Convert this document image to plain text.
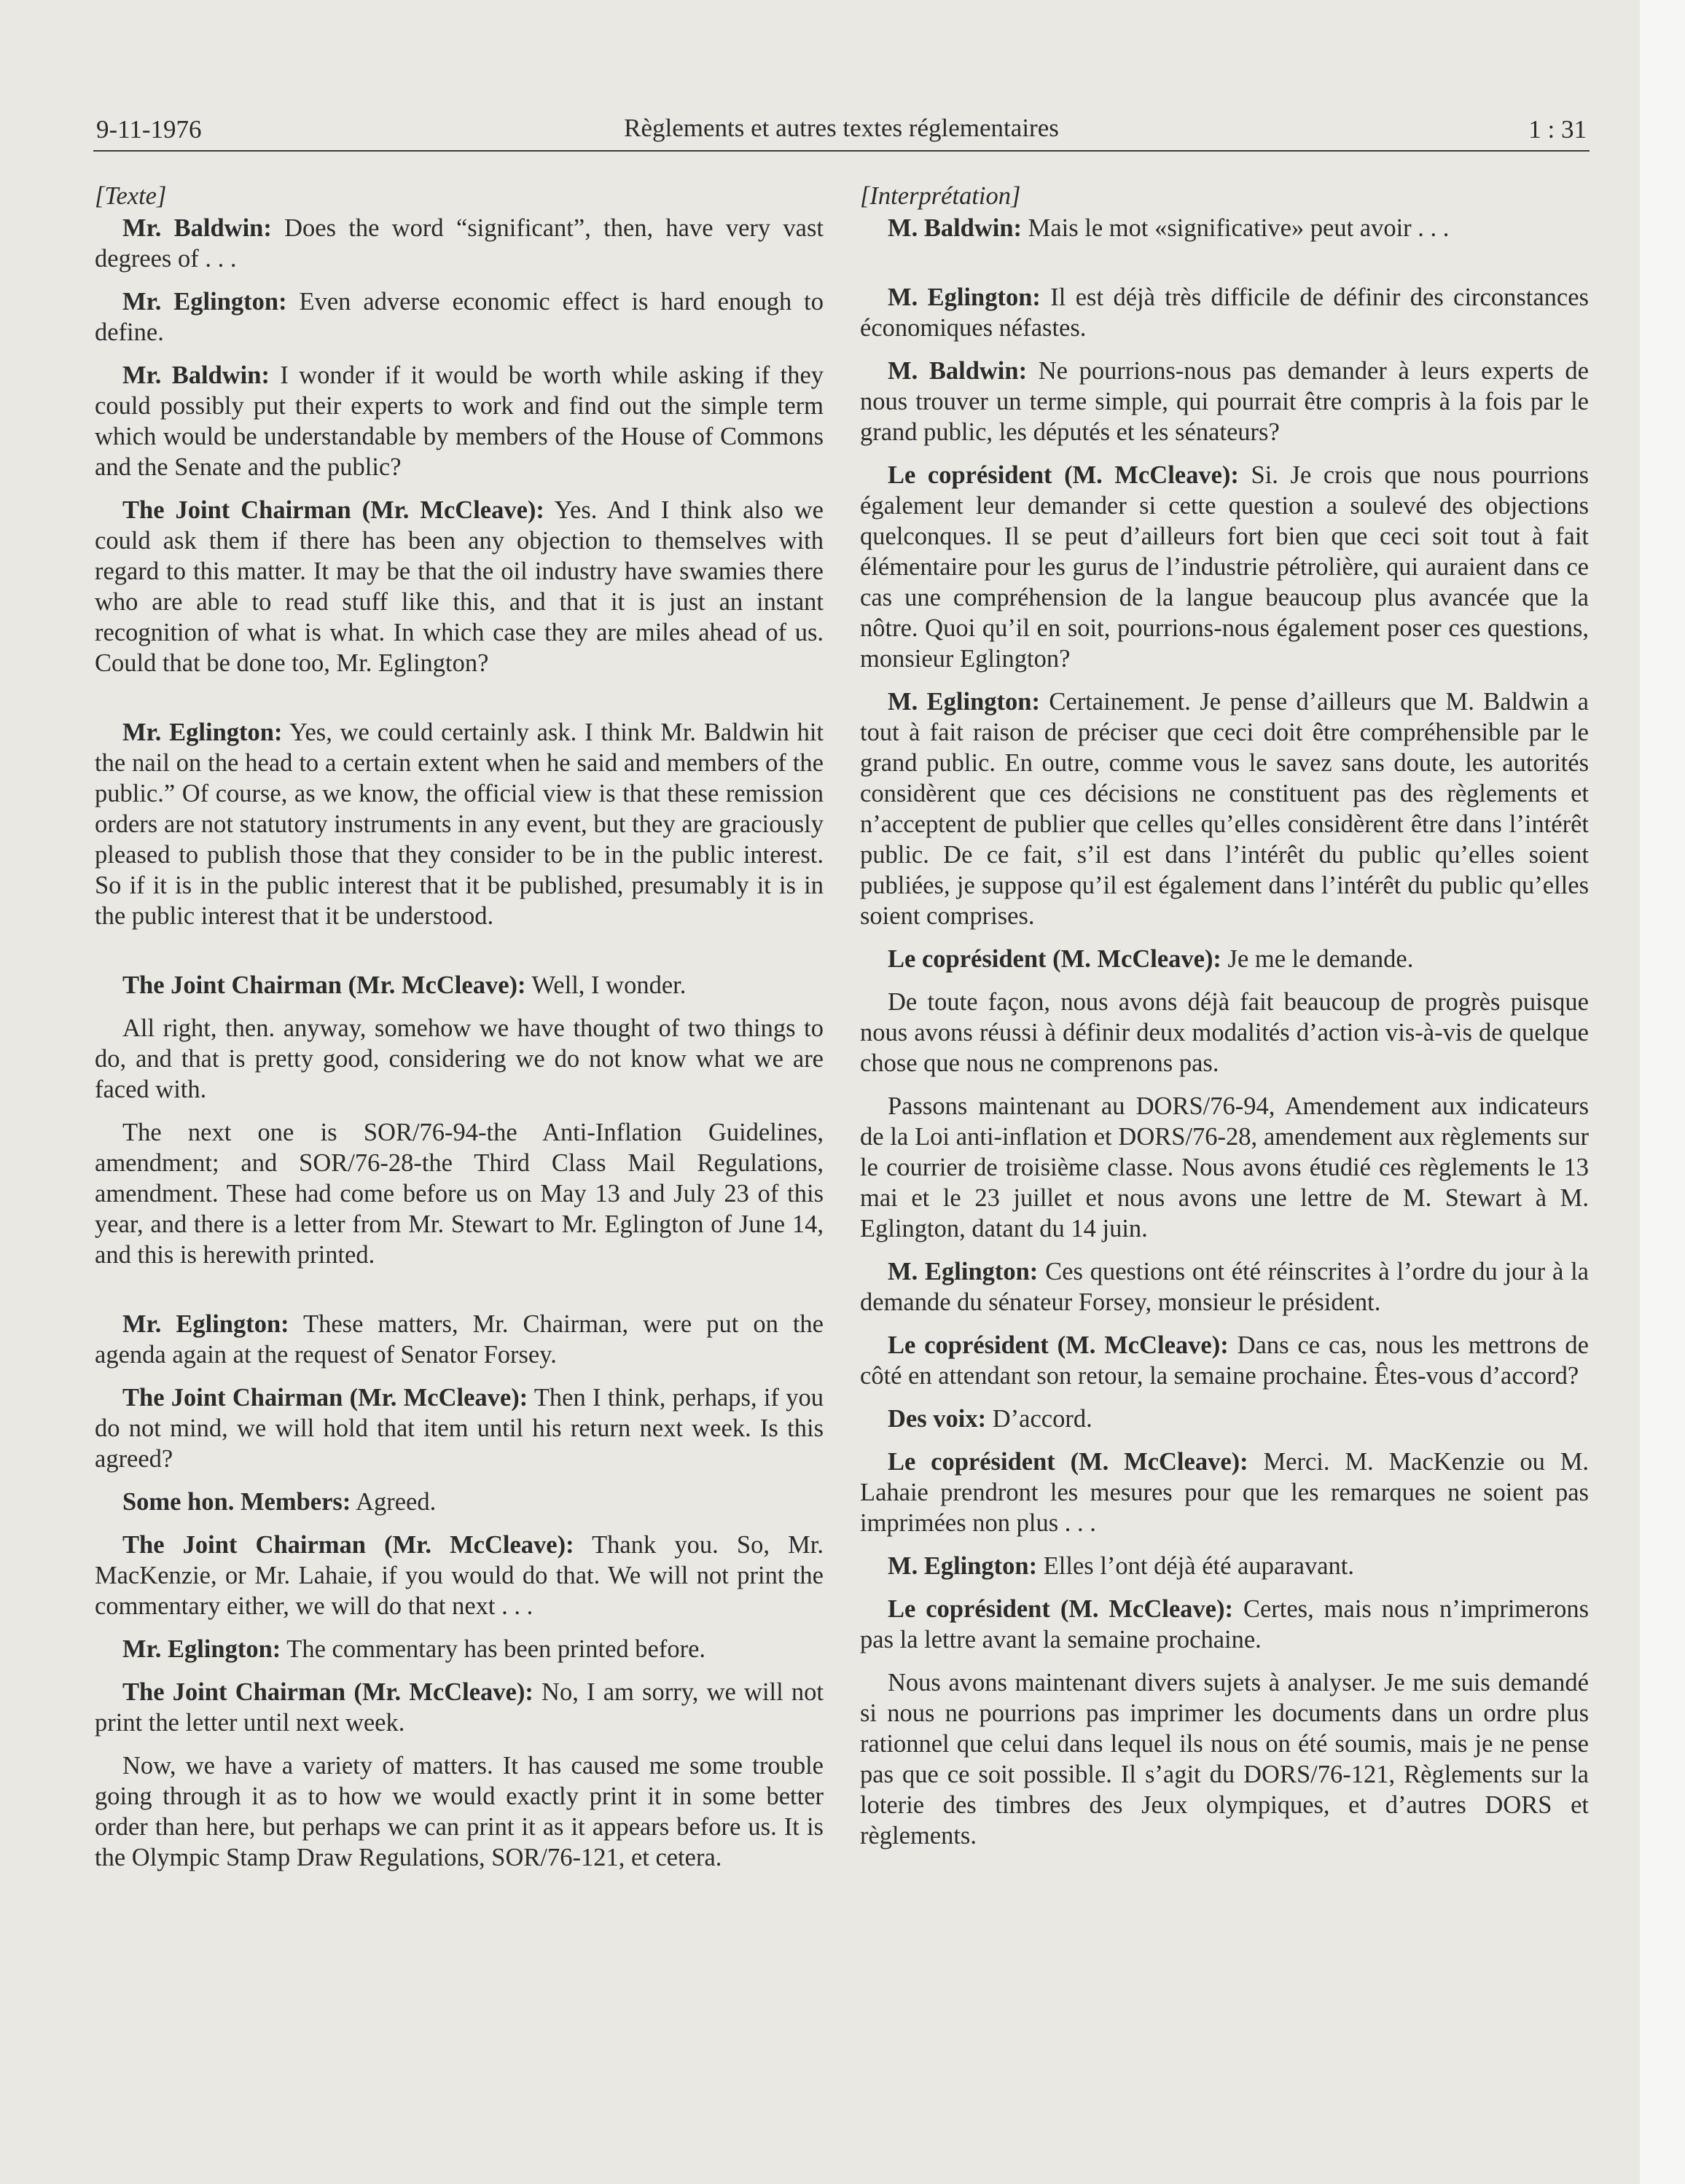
9-11-1976	Règlements et autres textes réglementaires	1 : 31

[Texte]

Mr. Baldwin: Does the word “significant”, then, have very vast degrees of . . .

Mr. Eglington: Even adverse economic effect is hard enough to define.

Mr. Baldwin: I wonder if it would be worth while asking if they could possibly put their experts to work and find out the simple term which would be understandable by members of the House of Commons and the Senate and the public?

The Joint Chairman (Mr. McCleave): Yes. And I think also we could ask them if there has been any objection to themselves with regard to this matter. It may be that the oil industry have swamies there who are able to read stuff like this, and that it is just an instant recognition of what is what. In which case they are miles ahead of us. Could that be done too, Mr. Eglington?

Mr. Eglington: Yes, we could certainly ask. I think Mr. Baldwin hit the nail on the head to a certain extent when he said and members of the public.” Of course, as we know, the official view is that these remission orders are not statutory instruments in any event, but they are graciously pleased to publish those that they consider to be in the public interest. So if it is in the public interest that it be published, presumably it is in the public interest that it be understood.

The Joint Chairman (Mr. McCleave): Well, I wonder.

All right, then. anyway, somehow we have thought of two things to do, and that is pretty good, considering we do not know what we are faced with.

The next one is SOR/76-94-the Anti-Inflation Guidelines, amendment; and SOR/76-28-the Third Class Mail Regulations, amendment. These had come before us on May 13 and July 23 of this year, and there is a letter from Mr. Stewart to Mr. Eglington of June 14, and this is herewith printed.

Mr. Eglington: These matters, Mr. Chairman, were put on the agenda again at the request of Senator Forsey.

The Joint Chairman (Mr. McCleave): Then I think, perhaps, if you do not mind, we will hold that item until his return next week. Is this agreed?

Some hon. Members: Agreed.

The Joint Chairman (Mr. McCleave): Thank you. So, Mr. MacKenzie, or Mr. Lahaie, if you would do that. We will not print the commentary either, we will do that next . . .

Mr. Eglington: The commentary has been printed before.

The Joint Chairman (Mr. McCleave): No, I am sorry, we will not print the letter until next week.

Now, we have a variety of matters. It has caused me some trouble going through it as to how we would exactly print it in some better order than here, but perhaps we can print it as it appears before us. It is the Olympic Stamp Draw Regulations, SOR/76-121, et cetera.

[Interprétation]

M. Baldwin: Mais le mot «significative» peut avoir . . .

M. Eglington: Il est déjà très difficile de définir des circonstances économiques néfastes.

M. Baldwin: Ne pourrions-nous pas demander à leurs experts de nous trouver un terme simple, qui pourrait être compris à la fois par le grand public, les députés et les sénateurs?

Le coprésident (M. McCleave): Si. Je crois que nous pourrions également leur demander si cette question a soulevé des objections quelconques. Il se peut d’ailleurs fort bien que ceci soit tout à fait élémentaire pour les gurus de l’industrie pétrolière, qui auraient dans ce cas une compréhension de la langue beaucoup plus avancée que la nôtre. Quoi qu’il en soit, pourrions-nous également poser ces questions, monsieur Eglington?

M. Eglington: Certainement. Je pense d’ailleurs que M. Baldwin a tout à fait raison de préciser que ceci doit être compréhensible par le grand public. En outre, comme vous le savez sans doute, les autorités considèrent que ces décisions ne constituent pas des règlements et n’acceptent de publier que celles qu’elles considèrent être dans l’intérêt public. De ce fait, s’il est dans l’intérêt du public qu’elles soient publiées, je suppose qu’il est également dans l’intérêt du public qu’elles soient comprises.

Le coprésident (M. McCleave): Je me le demande.

De toute façon, nous avons déjà fait beaucoup de progrès puisque nous avons réussi à définir deux modalités d’action vis-à-vis de quelque chose que nous ne comprenons pas.

Passons maintenant au DORS/76-94, Amendement aux indicateurs de la Loi anti-inflation et DORS/76-28, amendement aux règlements sur le courrier de troisième classe. Nous avons étudié ces règlements le 13 mai et le 23 juillet et nous avons une lettre de M. Stewart à M. Eglington, datant du 14 juin.

M. Eglington: Ces questions ont été réinscrites à l’ordre du jour à la demande du sénateur Forsey, monsieur le président.

Le coprésident (M. McCleave): Dans ce cas, nous les mettrons de côté en attendant son retour, la semaine prochaine. Êtes-vous d’accord?

Des voix: D’accord.

Le coprésident (M. McCleave): Merci. M. MacKenzie ou M. Lahaie prendront les mesures pour que les remarques ne soient pas imprimées non plus . . .

M. Eglington: Elles l’ont déjà été auparavant.

Le coprésident (M. McCleave): Certes, mais nous n’imprimerons pas la lettre avant la semaine prochaine.

Nous avons maintenant divers sujets à analyser. Je me suis demandé si nous ne pourrions pas imprimer les documents dans un ordre plus rationnel que celui dans lequel ils nous on été soumis, mais je ne pense pas que ce soit possible. Il s’agit du DORS/76-121, Règlements sur la loterie des timbres des Jeux olympiques, et d’autres DORS et règlements.
